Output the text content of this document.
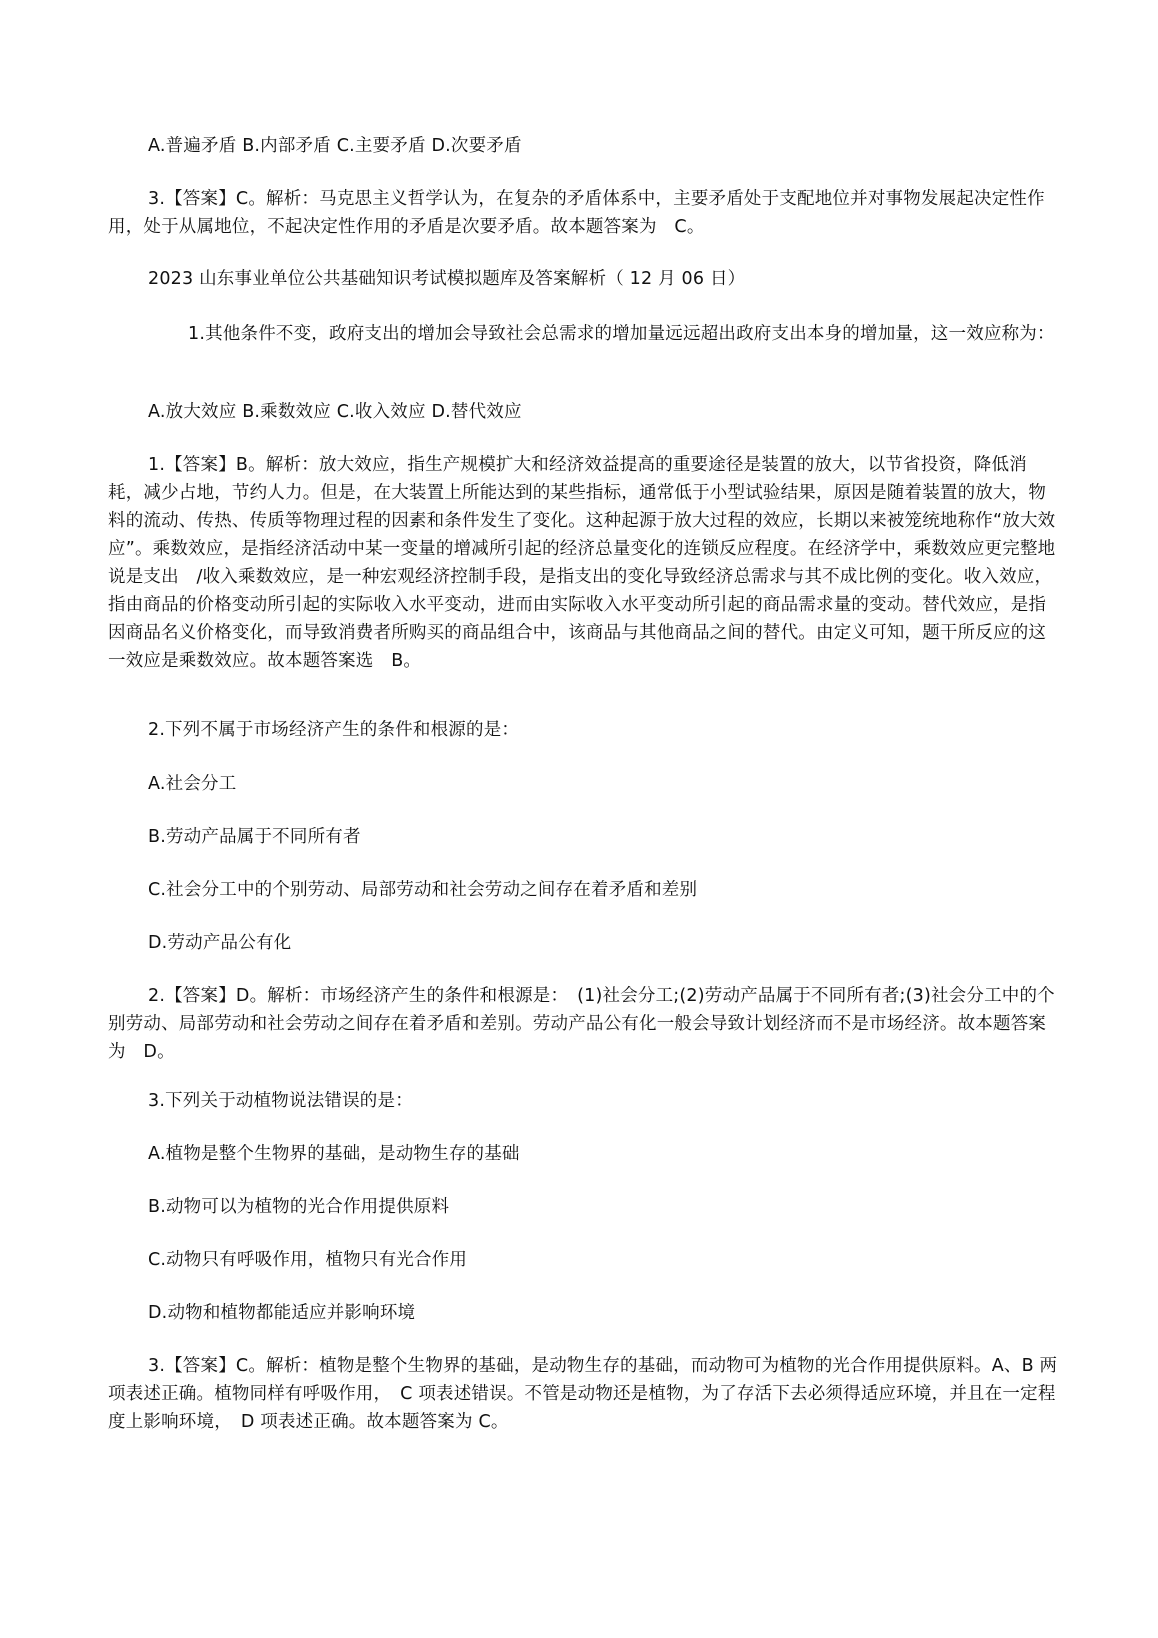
A.普遍矛盾 B.内部矛盾 C.主要矛盾 D.次要矛盾
3.【答案】C。解析：马克思主义哲学认为，在复杂的矛盾体系中，主要矛盾处于支配地位并对事物发展起决定性作用，处于从属地位，不起决定性作用的矛盾是次要矛盾。故本题答案为　C。
2023 山东事业单位公共基础知识考试模拟题库及答案解析（ 12 月 06 日）
1.其他条件不变，政府支出的增加会导致社会总需求的增加量远远超出政府支出本身的增加量，这一效应称为：
A.放大效应 B.乘数效应 C.收入效应 D.替代效应
1.【答案】B。解析：放大效应，指生产规模扩大和经济效益提高的重要途径是装置的放大，以节省投资，降低消耗，减少占地，节约人力。但是，在大装置上所能达到的某些指标，通常低于小型试验结果，原因是随着装置的放大，物料的流动、传热、传质等物理过程的因素和条件发生了变化。这种起源于放大过程的效应，长期以来被笼统地称作“放大效应”。乘数效应，是指经济活动中某一变量的增减所引起的经济总量变化的连锁反应程度。在经济学中，乘数效应更完整地说是支出　/收入乘数效应，是一种宏观经济控制手段，是指支出的变化导致经济总需求与其不成比例的变化。收入效应，指由商品的价格变动所引起的实际收入水平变动，进而由实际收入水平变动所引起的商品需求量的变动。替代效应，是指因商品名义价格变化，而导致消费者所购买的商品组合中，该商品与其他商品之间的替代。由定义可知，题干所反应的这一效应是乘数效应。故本题答案选　B。
2.下列不属于市场经济产生的条件和根源的是：
A.社会分工
B.劳动产品属于不同所有者
C.社会分工中的个别劳动、局部劳动和社会劳动之间存在着矛盾和差别
D.劳动产品公有化
2.【答案】D。解析：市场经济产生的条件和根源是：　(1)社会分工;(2)劳动产品属于不同所有者;(3)社会分工中的个别劳动、局部劳动和社会劳动之间存在着矛盾和差别。劳动产品公有化一般会导致计划经济而不是市场经济。故本题答案为　D。
3.下列关于动植物说法错误的是：
A.植物是整个生物界的基础，是动物生存的基础
B.动物可以为植物的光合作用提供原料
C.动物只有呼吸作用，植物只有光合作用
D.动物和植物都能适应并影响环境
3.【答案】C。解析：植物是整个生物界的基础，是动物生存的基础，而动物可为植物的光合作用提供原料。A、B 两项表述正确。植物同样有呼吸作用，　C 项表述错误。不管是动物还是植物，为了存活下去必须得适应环境，并且在一定程度上影响环境，　D 项表述正确。故本题答案为 C。
